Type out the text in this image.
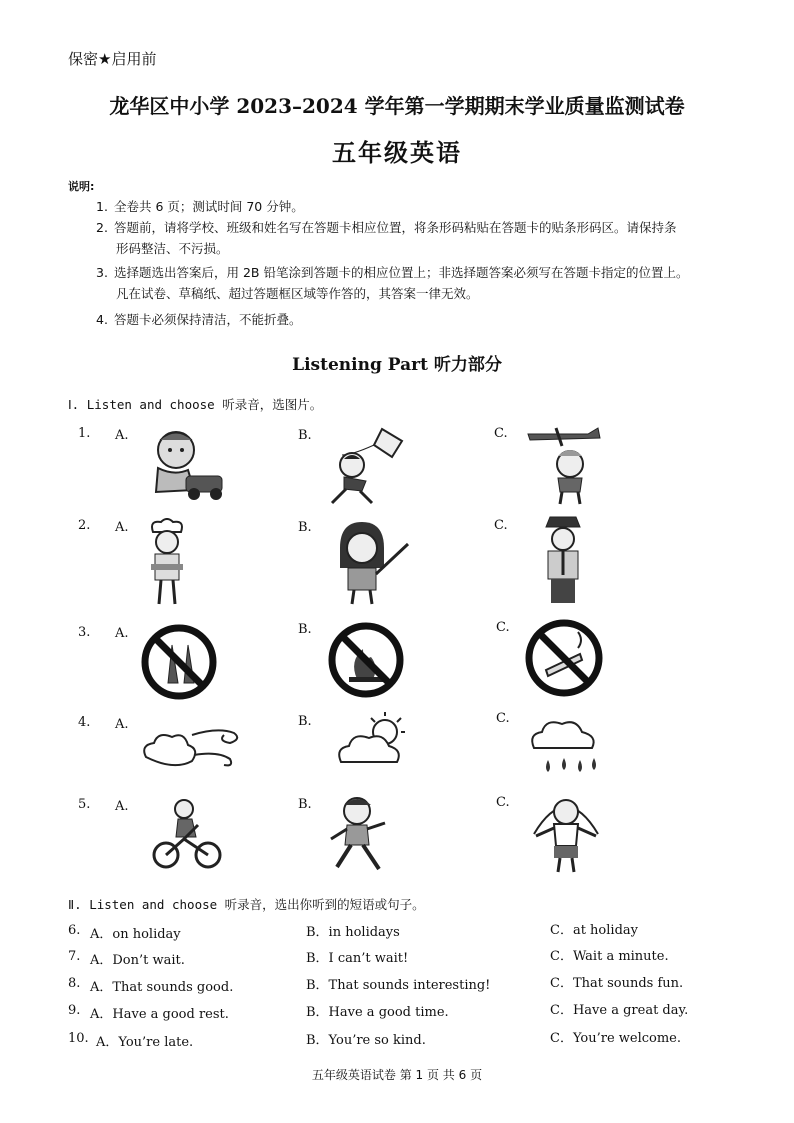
保密★启用前
龙华区中小学 2023–2024 学年第一学期期末学业质量监测试卷
五年级英语
说明:
1. 全卷共 6 页；测试时间 70 分钟。
2. 答题前，请将学校、班级和姓名写在答题卡相应位置，将条形码粘贴在答题卡的贴条形码区。请保持条
形码整洁、不污损。
3. 选择题选出答案后，用 2B 铅笔涂到答题卡的相应位置上；非选择题答案必须写在答题卡指定的位置上。
凡在试卷、草稿纸、超过答题框区域等作答的，其答案一律无效。
4. 答题卡必须保持清洁，不能折叠。
Listening Part 听力部分
Ⅰ. Listen and choose 听录音，选图片。
1. A.	B.	C.
2. A.	B.	C.
3. A.	B.	C.
4. A.	B.	C.
5. A.	B.	C.
Ⅱ. Listen and choose 听录音，选出你听到的短语或句子。
6. A．on holiday	B．in holidays	C．at holiday
7. A．Don’t wait.	B．I can’t wait!	C．Wait a minute.
8. A．That sounds good.	B．That sounds interesting!	C．That sounds fun.
9. A．Have a good rest.	B．Have a good time.	C．Have a great day.
10. A．You’re late.	B．You’re so kind.	C．You’re welcome.
五年级英语试卷 第 1 页 共 6 页
